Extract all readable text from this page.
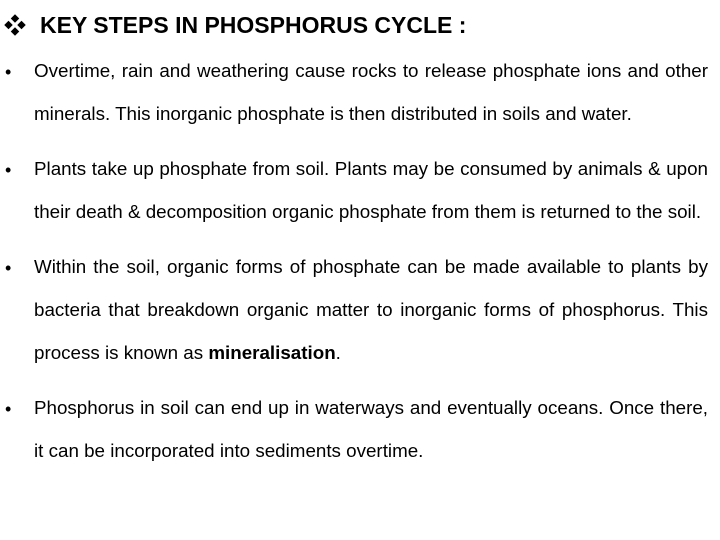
KEY STEPS IN PHOSPHORUS CYCLE :
• Overtime, rain and weathering cause rocks to release phosphate ions and other minerals. This inorganic phosphate is then distributed in soils and water.
• Plants take up phosphate from soil. Plants may be consumed by animals & upon their death & decomposition organic phosphate from them is returned to the soil.
• Within the soil, organic forms of phosphate can be made available to plants by bacteria that breakdown organic matter to inorganic forms of phosphorus. This process is known as mineralisation.
• Phosphorus in soil can end up in waterways and eventually oceans. Once there, it can be incorporated into sediments overtime.
